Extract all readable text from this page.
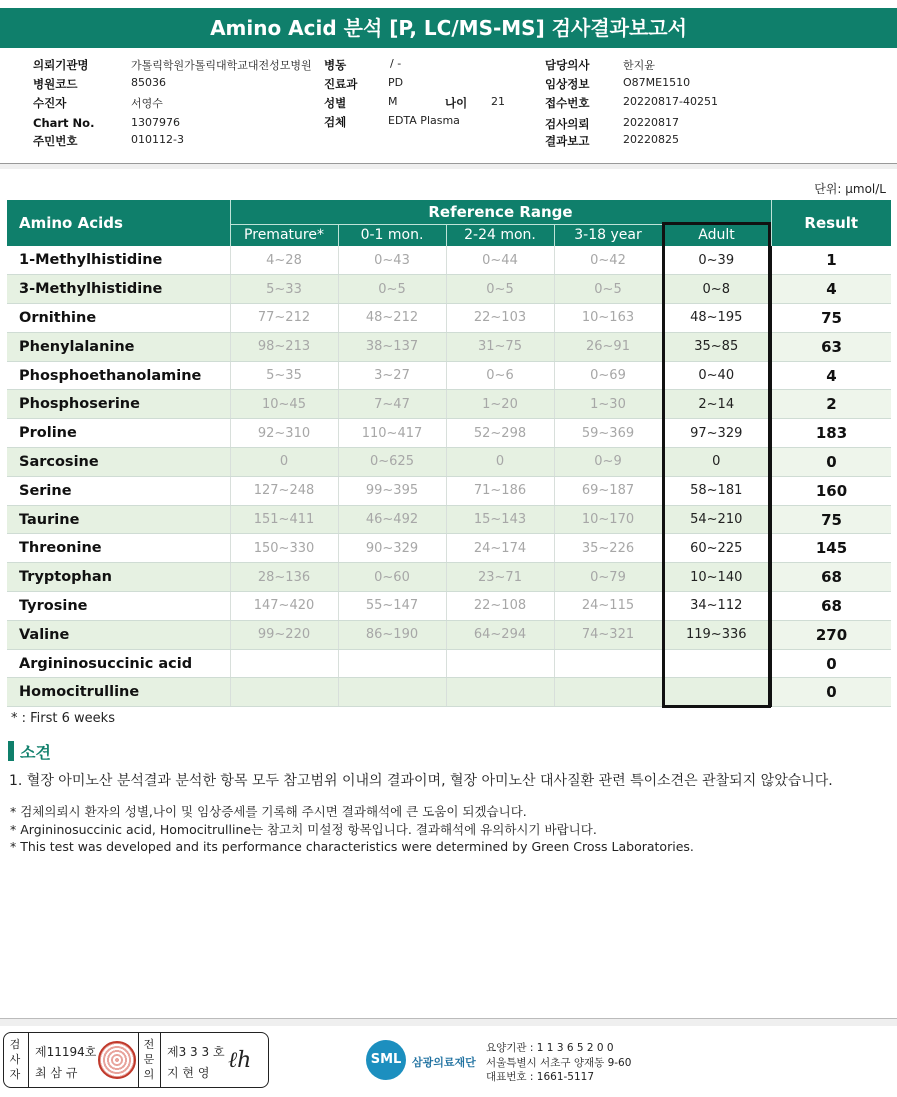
Amino Acid 분석 [P, LC/MS-MS] 검사결과보고서
의뢰기관명	가톨릭학원가톨릭대학교대전성모병원 병동	/ -	담당의사	한지윤
병원코드	85036	진료과	PD	임상정보	O87ME1510
수진자	서영수	성별	M	나이 21	접수번호	20220817-40251
Chart No.	1307976	검체	EDTA Plasma	검사의뢰	20220817
주민번호	010112-3	결과보고	20220825
단위: μmol/L
Amino Acids	Reference Range					Result
	Premature*	0-1 mon.	2-24 mon.	3-18 year	Adult	
1-Methylhistidine	4~28	0~43	0~44	0~42	0~39	1
3-Methylhistidine	5~33	0~5	0~5	0~5	0~8	4
Ornithine	77~212	48~212	22~103	10~163	48~195	75
Phenylalanine	98~213	38~137	31~75	26~91	35~85	63
Phosphoethanolamine	5~35	3~27	0~6	0~69	0~40	4
Phosphoserine	10~45	7~47	1~20	1~30	2~14	2
Proline	92~310	110~417	52~298	59~369	97~329	183
Sarcosine	0	0~625	0	0~9	0	0
Serine	127~248	99~395	71~186	69~187	58~181	160
Taurine	151~411	46~492	15~143	10~170	54~210	75
Threonine	150~330	90~329	24~174	35~226	60~225	145
Tryptophan	28~136	0~60	23~71	0~79	10~140	68
Tyrosine	147~420	55~147	22~108	24~115	34~112	68
Valine	99~220	86~190	64~294	74~321	119~336	270
Argininosuccinic acid						0
Homocitrulline						0
* : First 6 weeks
소견
1. 혈장 아미노산 분석결과 분석한 항목 모두 참고범위 이내의 결과이며, 혈장 아미노산 대사질환 관련 특이소견은 관찰되지 않았습니다.
* 검체의뢰시 환자의 성별,나이 및 임상증세를 기록해 주시면 결과해석에 큰 도움이 되겠습니다.
* Argininosuccinic acid, Homocitrulline는 참고치 미설정 항목입니다. 결과해석에 유의하시기 바랍니다.
* This test was developed and its performance characteristics were determined by Green Cross Laboratories.
검사자
제11194호
최 삼 규
전문의
제3 3 3 호
지 현 영 ℓh	SML 삼광의료재단
요양기관 : 1 1 3 6 5 2 0 0
서울특별시 서초구 양재동 9-60
대표번호 : 1661-5117
